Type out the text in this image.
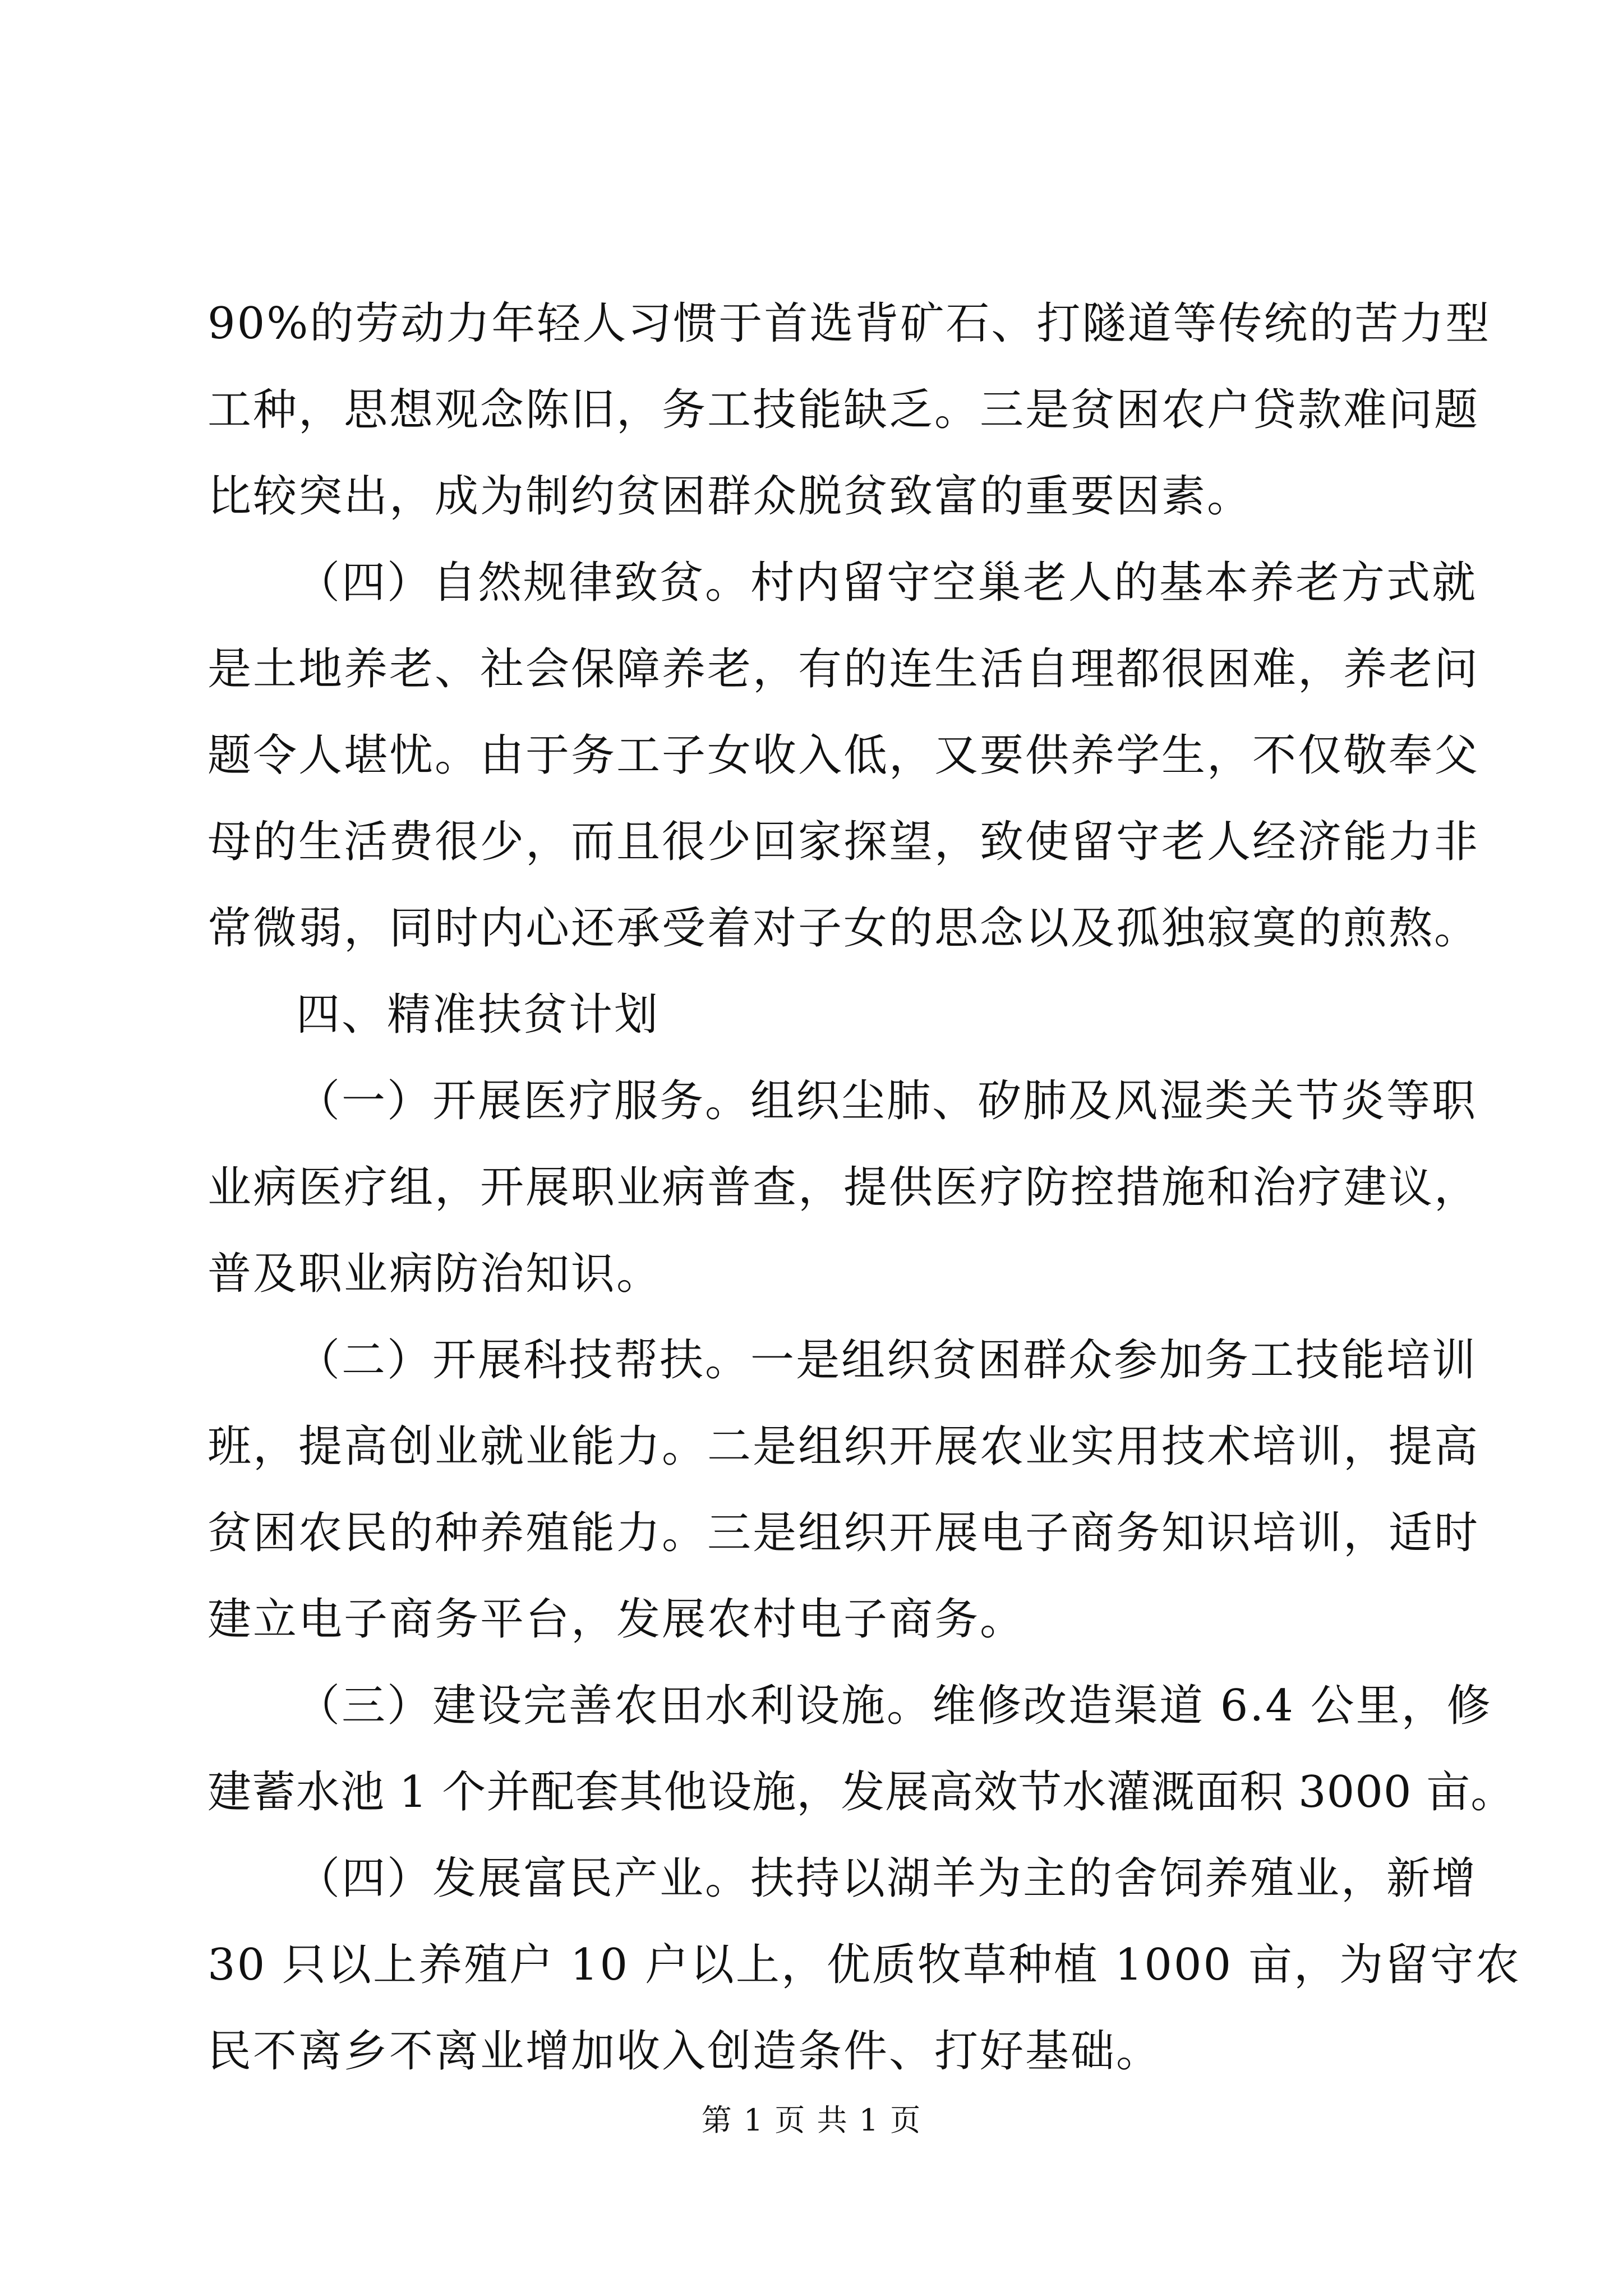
90%的劳动力年轻人习惯于首选背矿石、打隧道等传统的苦力型
工种，思想观念陈旧，务工技能缺乏。三是贫困农户贷款难问题
比较突出，成为制约贫困群众脱贫致富的重要因素。
（四）自然规律致贫。村内留守空巢老人的基本养老方式就
是土地养老、社会保障养老，有的连生活自理都很困难，养老问
题令人堪忧。由于务工子女收入低，又要供养学生，不仅敬奉父
母的生活费很少，而且很少回家探望，致使留守老人经济能力非
常微弱，同时内心还承受着对子女的思念以及孤独寂寞的煎熬。
四、精准扶贫计划
（一）开展医疗服务。组织尘肺、矽肺及风湿类关节炎等职
业病医疗组，开展职业病普查，提供医疗防控措施和治疗建议，
普及职业病防治知识。
（二）开展科技帮扶。一是组织贫困群众参加务工技能培训
班，提高创业就业能力。二是组织开展农业实用技术培训，提高
贫困农民的种养殖能力。三是组织开展电子商务知识培训，适时
建立电子商务平台，发展农村电子商务。
（三）建设完善农田水利设施。维修改造渠道 6.4 公里，修
建蓄水池 1 个并配套其他设施，发展高效节水灌溉面积 3000 亩。
（四）发展富民产业。扶持以湖羊为主的舍饲养殖业，新增
30 只以上养殖户 10 户以上，优质牧草种植 1000 亩，为留守农
民不离乡不离业增加收入创造条件、打好基础。
第 1 页 共 1 页
